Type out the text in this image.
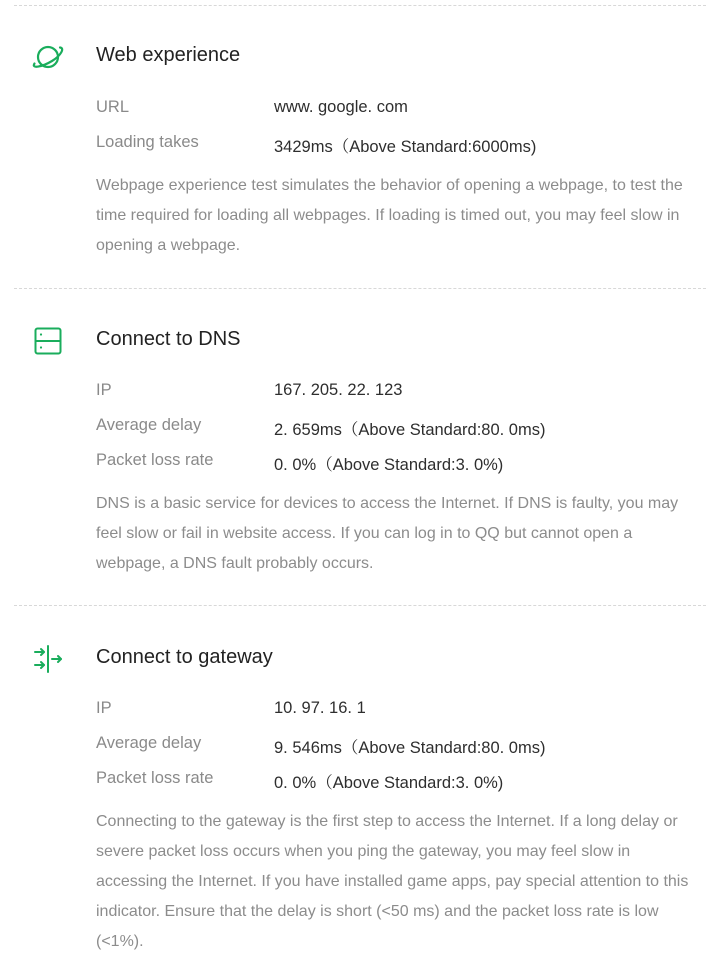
Web experience
URL	www. google. com
Loading takes	3429ms（Above Standard:6000ms)
Webpage experience test simulates the behavior of opening a webpage, to test the time required for loading all webpages. If loading is timed out, you may feel slow in opening a webpage.
Connect to DNS
IP	167. 205. 22. 123
Average delay	2. 659ms（Above Standard:80. 0ms)
Packet loss rate	0. 0%（Above Standard:3. 0%)
DNS is a basic service for devices to access the Internet. If DNS is faulty, you may feel slow or fail in website access. If you can log in to QQ but cannot open a webpage, a DNS fault probably occurs.
Connect to gateway
IP	10. 97. 16. 1
Average delay	9. 546ms（Above Standard:80. 0ms)
Packet loss rate	0. 0%（Above Standard:3. 0%)
Connecting to the gateway is the first step to access the Internet. If a long delay or severe packet loss occurs when you ping the gateway, you may feel slow in accessing the Internet. If you have installed game apps, pay special attention to this indicator. Ensure that the delay is short (<50 ms) and the packet loss rate is low (<1%).
